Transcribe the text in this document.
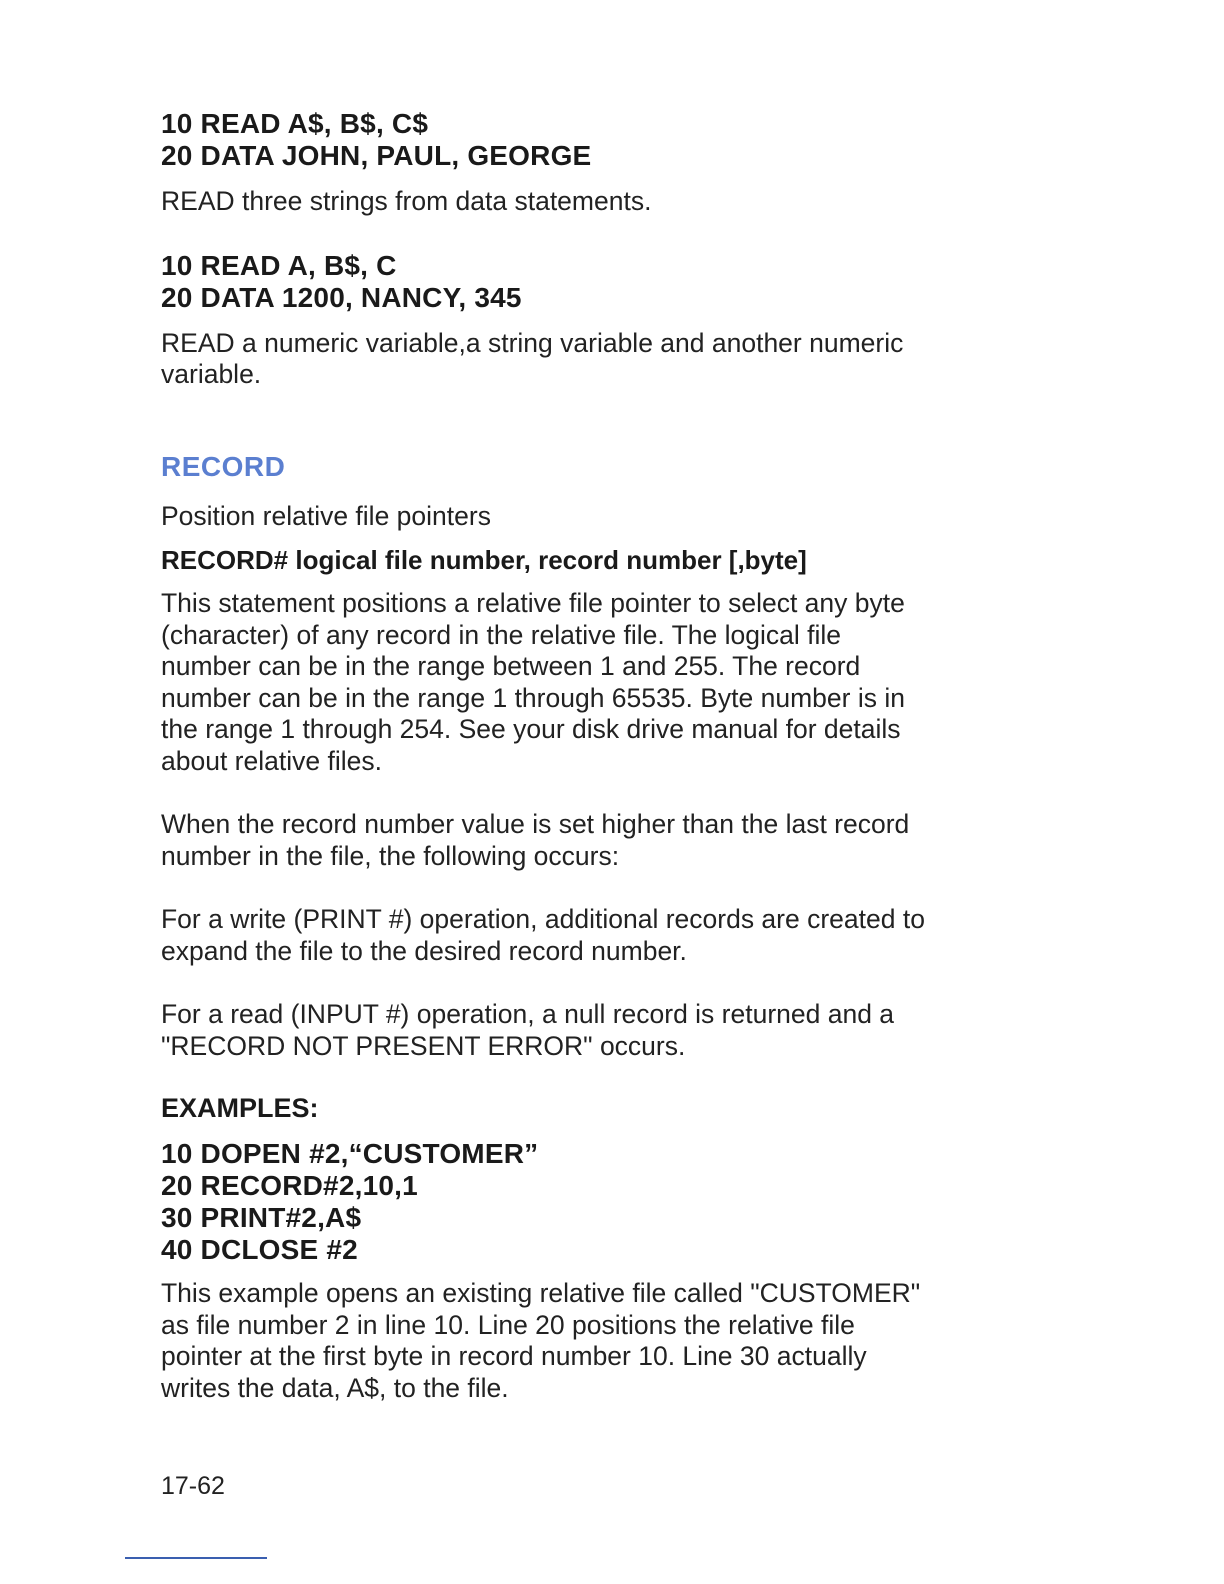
10 READ A$, B$, C$

20 DATA JOHN, PAUL, GEORGE

READ three strings from data statements.

10 READ A, B$, C

20 DATA 1200, NANCY, 345

READ a numeric variable,a string variable and another numeric

variable.

RECORD

Position relative file pointers

RECORD# logical file number, record number [,byte]

This statement positions a relative file pointer to select any byte

(character) of any record in the relative file. The logical file

number can be in the range between 1 and 255. The record

number can be in the range 1 through 65535. Byte number is in

the range 1 through 254. See your disk drive manual for details

about relative files.

When the record number value is set higher than the last record

number in the file, the following occurs:

For a write (PRINT #) operation, additional records are created to

expand the file to the desired record number.

For a read (INPUT #) operation, a null record is returned and a

"RECORD NOT PRESENT ERROR" occurs.

EXAMPLES:

10 DOPEN #2,“CUSTOMER”

20 RECORD#2,10,1

30 PRINT#2,A$

40 DCLOSE #2

This example opens an existing relative file called "CUSTOMER"

as file number 2 in line 10. Line 20 positions the relative file

pointer at the first byte in record number 10. Line 30 actually

writes the data, A$, to the file.

17-62
